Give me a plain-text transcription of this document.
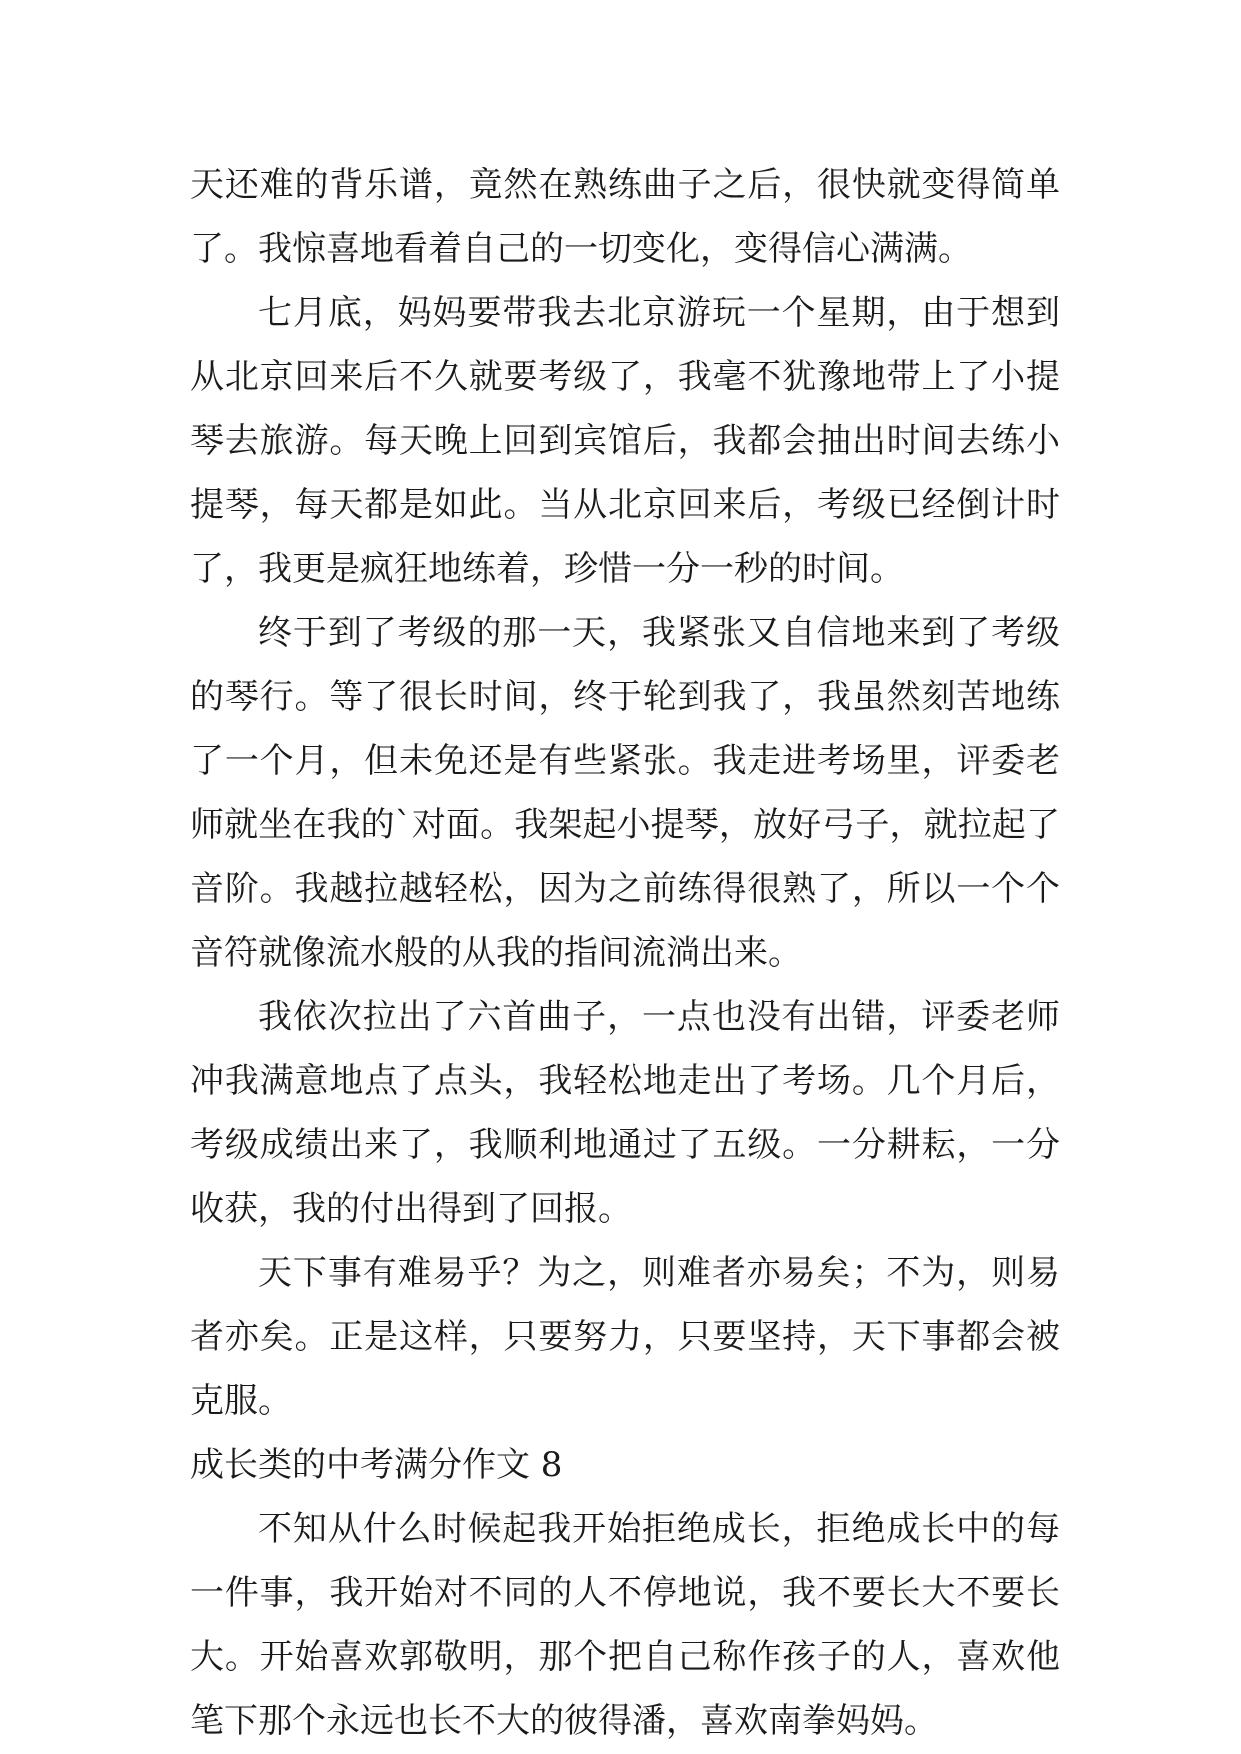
天还难的背乐谱，竟然在熟练曲子之后，很快就变得简单了。我惊喜地看着自己的一切变化，变得信心满满。

七月底，妈妈要带我去北京游玩一个星期，由于想到从北京回来后不久就要考级了，我毫不犹豫地带上了小提琴去旅游。每天晚上回到宾馆后，我都会抽出时间去练小提琴，每天都是如此。当从北京回来后，考级已经倒计时了，我更是疯狂地练着，珍惜一分一秒的时间。

终于到了考级的那一天，我紧张又自信地来到了考级的琴行。等了很长时间，终于轮到我了，我虽然刻苦地练了一个月，但未免还是有些紧张。我走进考场里，评委老师就坐在我的`对面。我架起小提琴，放好弓子，就拉起了音阶。我越拉越轻松，因为之前练得很熟了，所以一个个音符就像流水般的从我的指间流淌出来。

我依次拉出了六首曲子，一点也没有出错，评委老师冲我满意地点了点头，我轻松地走出了考场。几个月后，考级成绩出来了，我顺利地通过了五级。一分耕耘，一分收获，我的付出得到了回报。

天下事有难易乎？为之，则难者亦易矣；不为，则易者亦矣。正是这样，只要努力，只要坚持，天下事都会被克服。

成长类的中考满分作文 8

不知从什么时候起我开始拒绝成长，拒绝成长中的每一件事，我开始对不同的人不停地说，我不要长大不要长大。开始喜欢郭敬明，那个把自己称作孩子的人，喜欢他笔下那个永远也长不大的彼得潘，喜欢南拳妈妈。
